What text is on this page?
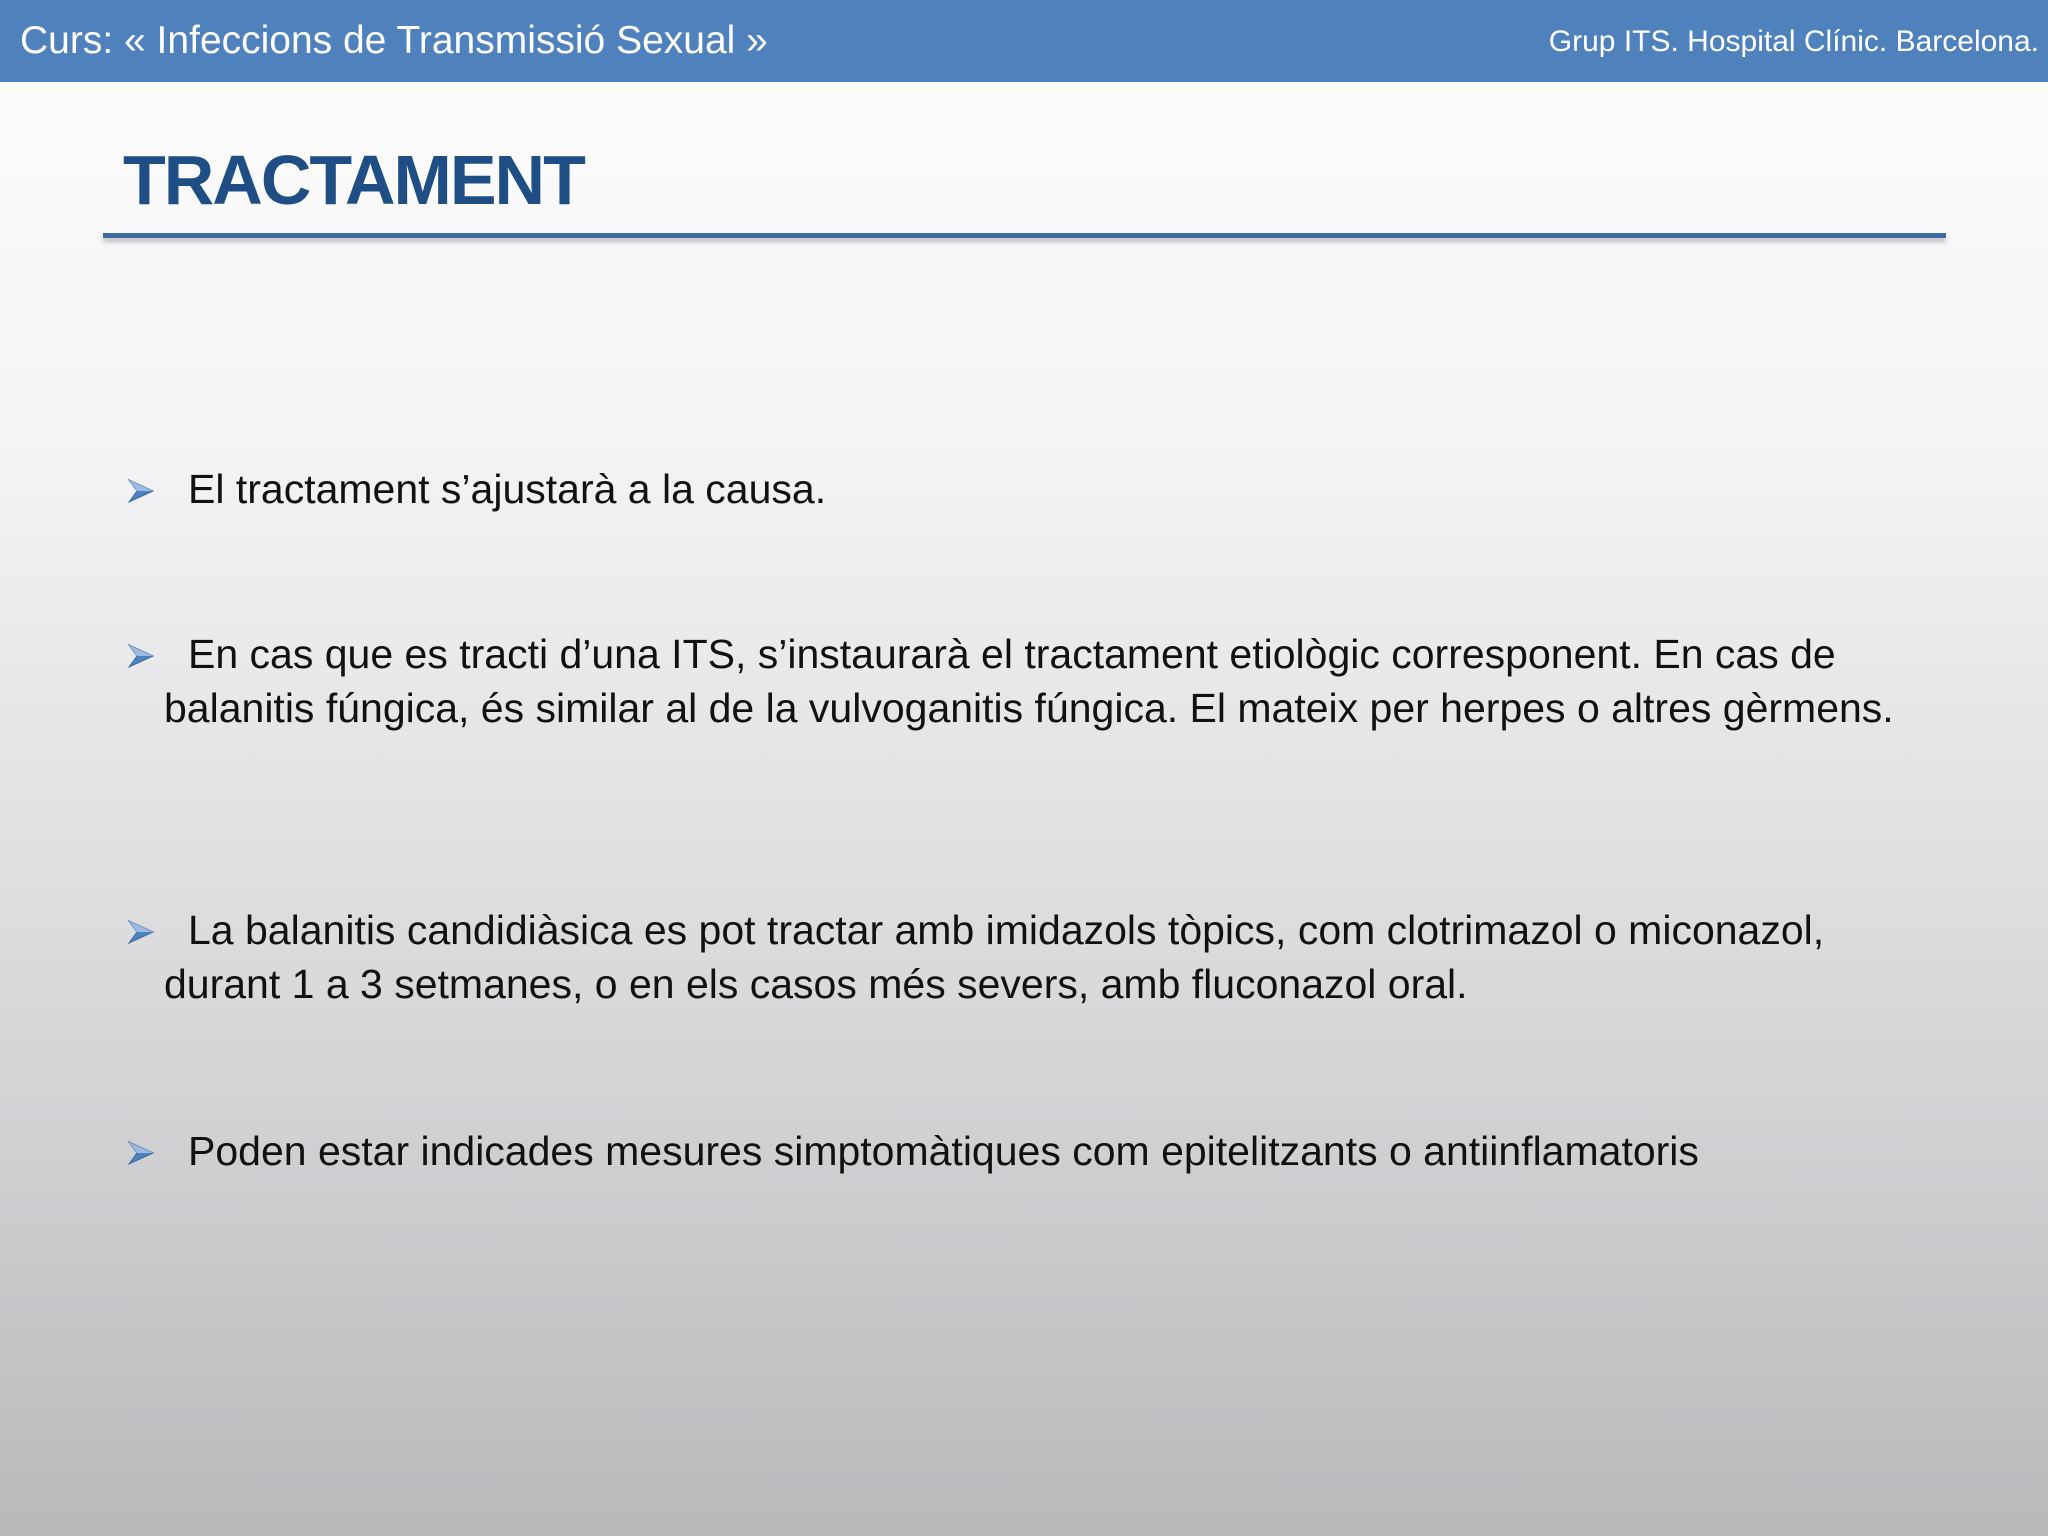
Curs: « Infeccions de Transmissió Sexual »	Grup ITS. Hospital Clínic. Barcelona.
TRACTAMENT
El tractament s’ajustarà a la causa.
En cas que es tracti d’una ITS, s’instaurarà el tractament etiològic corresponent. En cas de balanitis fúngica, és similar al de la vulvoganitis fúngica. El mateix per herpes o altres gèrmens.
La balanitis candidiàsica es pot tractar amb imidazols tòpics, com clotrimazol o miconazol, durant 1 a 3 setmanes, o en els casos més severs, amb fluconazol oral.
Poden estar indicades mesures simptomàtiques com epitelitzants o antiinflamatoris
